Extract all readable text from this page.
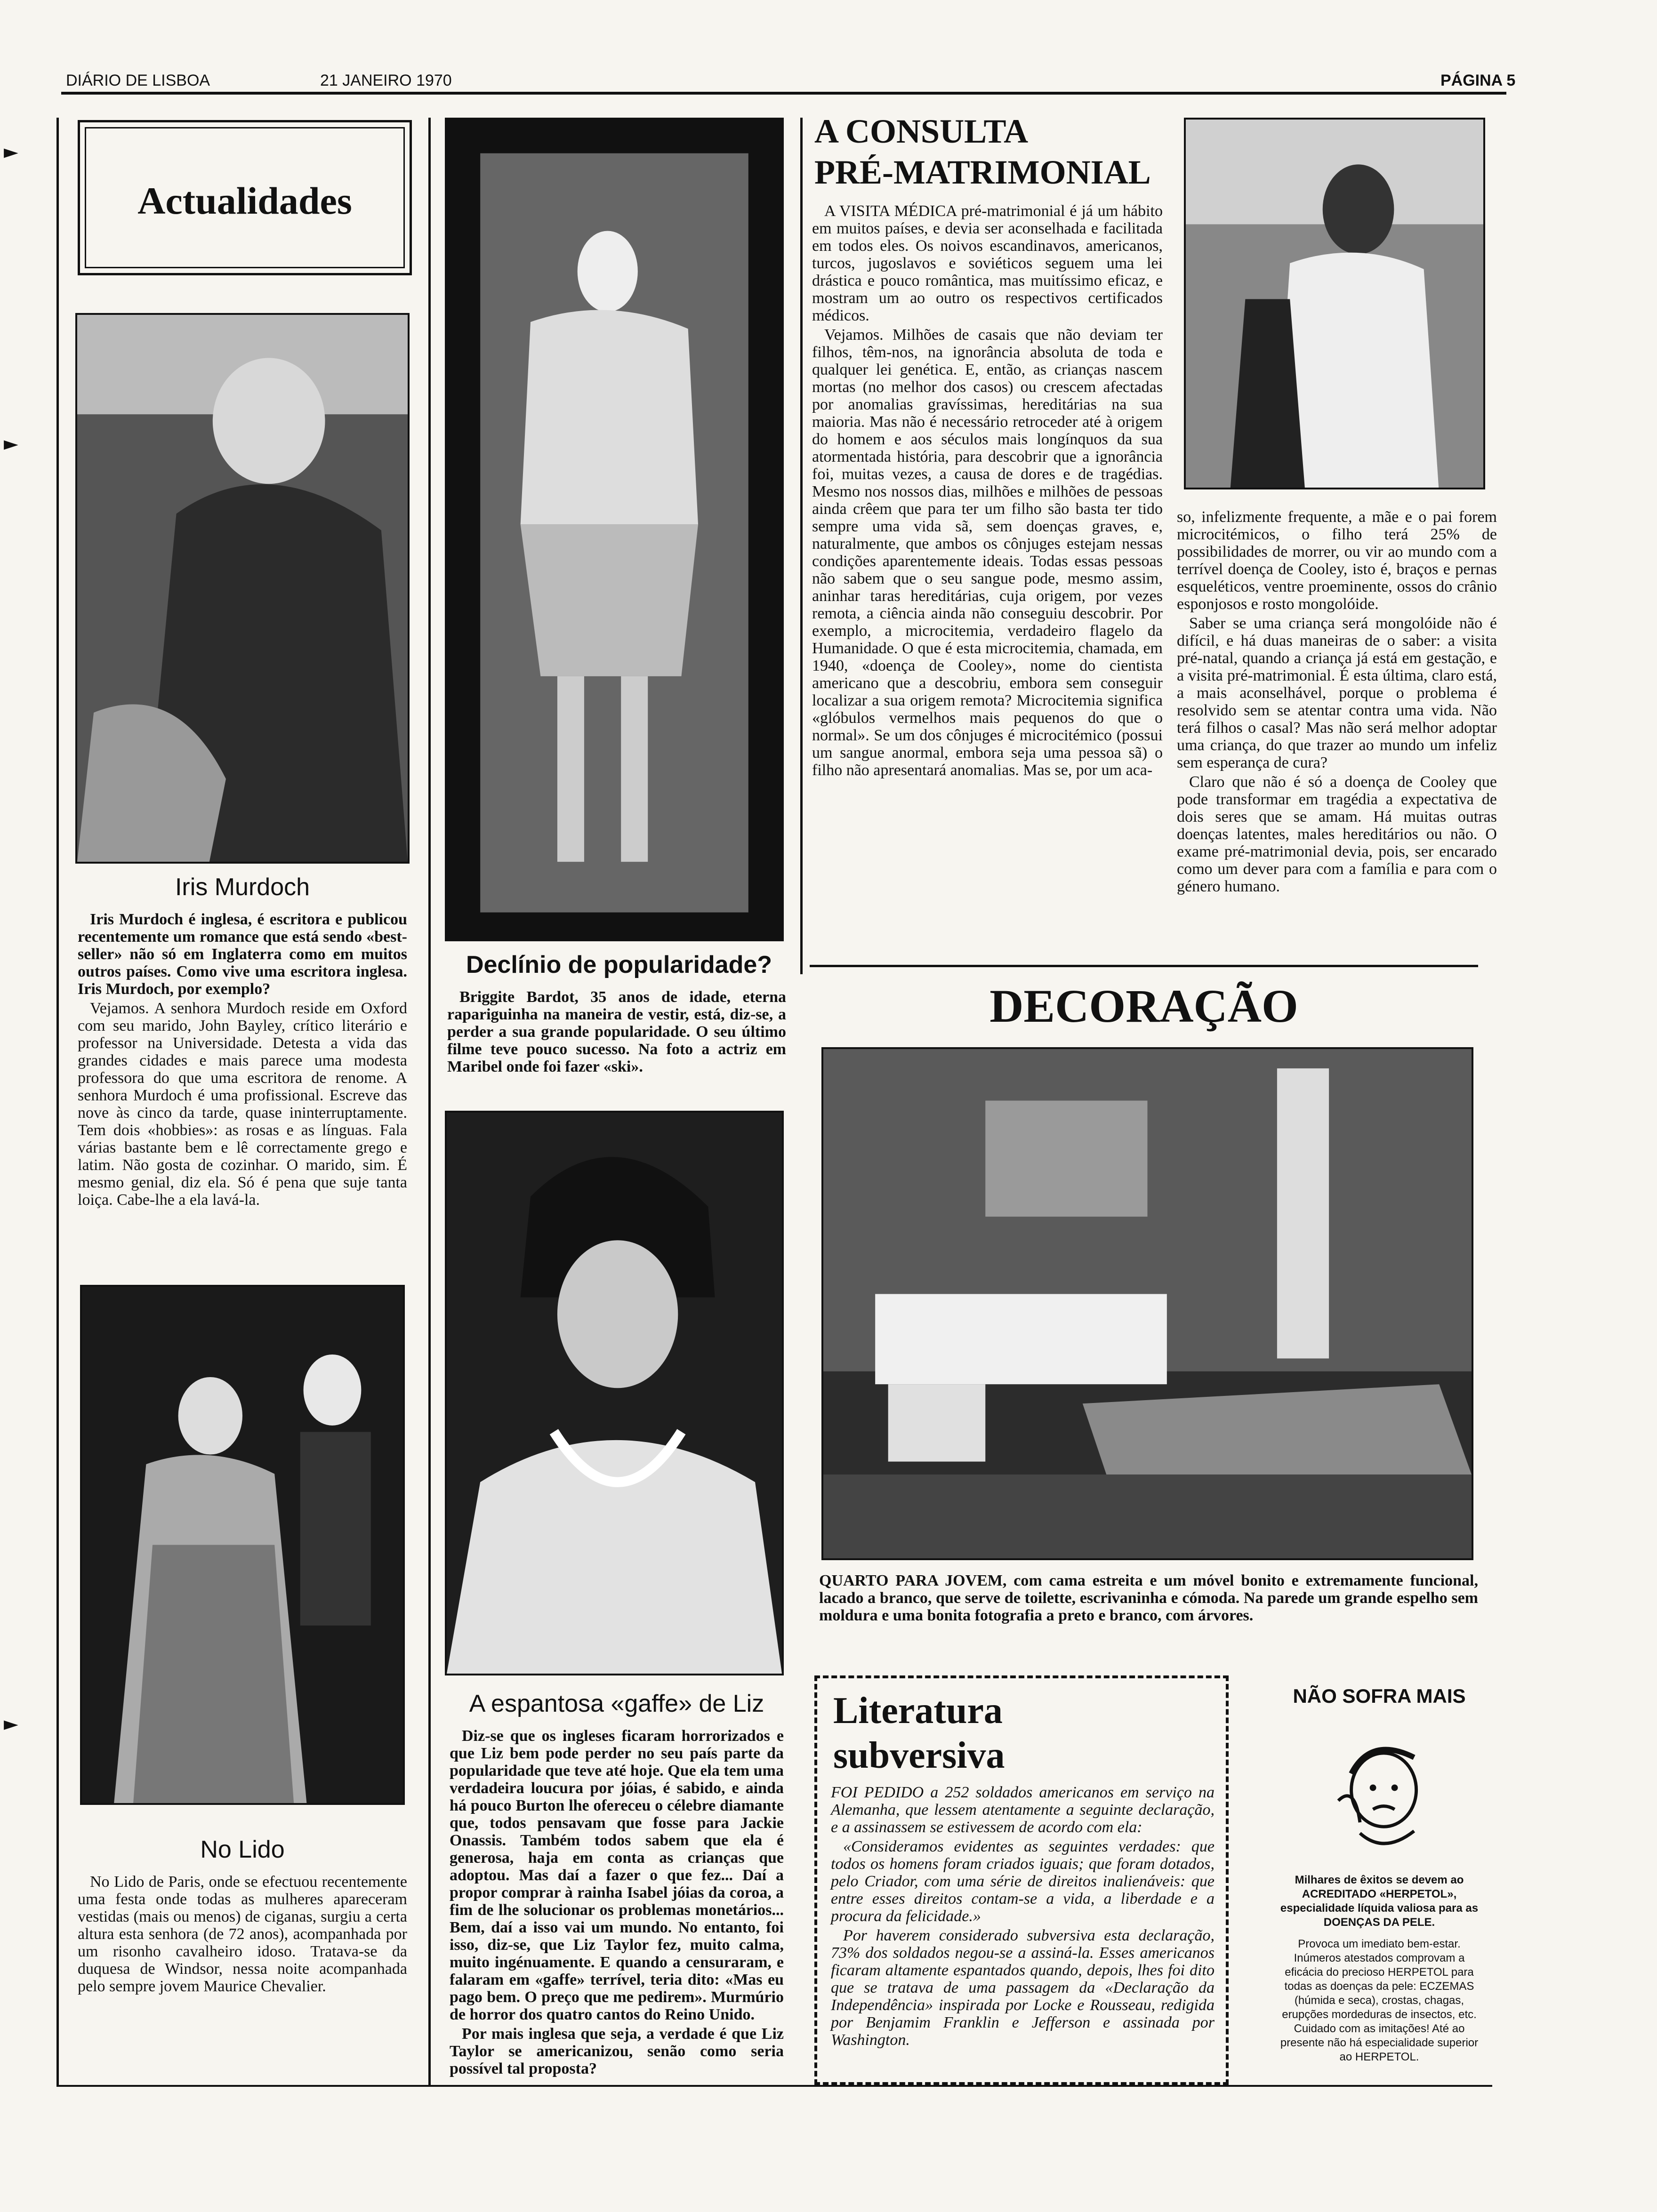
DIÁRIO DE LISBOA	21 JANEIRO 1970	PÁGINA 5
►
►
►
Actualidades
Iris Murdoch

Iris Murdoch é inglesa, é escritora e publicou recentemente um romance que está sendo «best-seller» não só em Inglaterra como em muitos outros países. Como vive uma escritora inglesa. Iris Murdoch, por exemplo?

Vejamos. A senhora Murdoch reside em Oxford com seu marido, John Bayley, crítico literário e professor na Universidade. Detesta a vida das grandes cidades e mais parece uma modesta professora do que uma escritora de renome. A senhora Murdoch é uma profissional. Escreve das nove às cinco da tarde, quase ininterruptamente. Tem dois «hobbies»: as rosas e as línguas. Fala várias bastante bem e lê correctamente grego e latim. Não gosta de cozinhar. O marido, sim. É mesmo genial, diz ela. Só é pena que suje tanta loiça. Cabe-lhe a ela lavá-la.

No Lido

No Lido de Paris, onde se efectuou recentemente uma festa onde todas as mulheres apareceram vestidas (mais ou menos) de ciganas, surgiu a certa altura esta senhora (de 72 anos), acompanhada por um risonho cavalheiro idoso. Tratava-se da duquesa de Windsor, nessa noite acompanhada pelo sempre jovem Maurice Chevalier.

Declínio de popularidade?

Briggite Bardot, 35 anos de idade, eterna rapariguinha na maneira de vestir, está, diz-se, a perder a sua grande popularidade. O seu último filme teve pouco sucesso. Na foto a actriz em Maribel onde foi fazer «ski».

A espantosa «gaffe» de Liz

Diz-se que os ingleses ficaram horrorizados e que Liz bem pode perder no seu país parte da popularidade que teve até hoje. Que ela tem uma verdadeira loucura por jóias, é sabido, e ainda há pouco Burton lhe ofereceu o célebre diamante que, todos pensavam que fosse para Jackie Onassis. Também todos sabem que ela é generosa, haja em conta as crianças que adoptou. Mas daí a fazer o que fez... Daí a propor comprar à rainha Isabel jóias da coroa, a fim de lhe solucionar os problemas monetários... Bem, daí a isso vai um mundo. No entanto, foi isso, diz-se, que Liz Taylor fez, muito calma, muito ingénuamente. E quando a censuraram, e falaram em «gaffe» terrível, teria dito: «Mas eu pago bem. O preço que me pedirem». Murmúrio de horror dos quatro cantos do Reino Unido.

Por mais inglesa que seja, a verdade é que Liz Taylor se americanizou, senão como seria possível tal proposta?

A CONSULTA
PRÉ-MATRIMONIAL

A VISITA MÉDICA pré-matrimonial é já um hábito em muitos países, e devia ser aconselhada e facilitada em todos eles. Os noivos escandinavos, americanos, turcos, jugoslavos e soviéticos seguem uma lei drástica e pouco romântica, mas muitíssimo eficaz, e mostram um ao outro os respectivos certificados médicos.

Vejamos. Milhões de casais que não deviam ter filhos, têm-nos, na ignorância absoluta de toda e qualquer lei genética. E, então, as crianças nascem mortas (no melhor dos casos) ou crescem afectadas por anomalias gravíssimas, hereditárias na sua maioria. Mas não é necessário retroceder até à origem do homem e aos séculos mais longínquos da sua atormentada história, para descobrir que a ignorância foi, muitas vezes, a causa de dores e de tragédias. Mesmo nos nossos dias, milhões e milhões de pessoas ainda crêem que para ter um filho são basta ter tido sempre uma vida sã, sem doenças graves, e, naturalmente, que ambos os cônjuges estejam nessas condições aparentemente ideais. Todas essas pessoas não sabem que o seu sangue pode, mesmo assim, aninhar taras hereditárias, cuja origem, por vezes remota, a ciência ainda não conseguiu descobrir. Por exemplo, a microcitemia, verdadeiro flagelo da Humanidade. O que é esta microcitemia, chamada, em 1940, «doença de Cooley», nome do cientista americano que a descobriu, embora sem conseguir localizar a sua origem remota? Microcitemia significa «glóbulos vermelhos mais pequenos do que o normal». Se um dos cônjuges é microcitémico (possui um sangue anormal, embora seja uma pessoa sã) o filho não apresentará anomalias. Mas se, por um aca-

so, infelizmente frequente, a mãe e o pai forem microcitémicos, o filho terá 25% de possibilidades de morrer, ou vir ao mundo com a terrível doença de Cooley, isto é, braços e pernas esqueléticos, ventre proeminente, ossos do crânio esponjosos e rosto mongolóide.

Saber se uma criança será mongolóide não é difícil, e há duas maneiras de o saber: a visita pré-natal, quando a criança já está em gestação, e a visita pré-matrimonial. É esta última, claro está, a mais aconselhável, porque o problema é resolvido sem se atentar contra uma vida. Não terá filhos o casal? Mas não será melhor adoptar uma criança, do que trazer ao mundo um infeliz sem esperança de cura?

Claro que não é só a doença de Cooley que pode transformar em tragédia a expectativa de dois seres que se amam. Há muitas outras doenças latentes, males hereditários ou não. O exame pré-matrimonial devia, pois, ser encarado como um dever para com a família e para com o género humano.

DECORAÇÃO

QUARTO PARA JOVEM, com cama estreita e um móvel bonito e extremamente funcional, lacado a branco, que serve de toilette, escrivaninha e cómoda. Na parede um grande espelho sem moldura e uma bonita fotografia a preto e branco, com árvores.

Literatura
subversiva

FOI PEDIDO a 252 soldados americanos em serviço na Alemanha, que lessem atentamente a seguinte declaração, e a assinassem se estivessem de acordo com ela:

«Consideramos evidentes as seguintes verdades: que todos os homens foram criados iguais; que foram dotados, pelo Criador, com uma série de direitos inalienáveis: que entre esses direitos contam-se a vida, a liberdade e a procura da felicidade.»

Por haverem considerado subversiva esta declaração, 73% dos soldados negou-se a assiná-la. Esses americanos ficaram altamente espantados quando, depois, lhes foi dito que se tratava de uma passagem da «Declaração da Independência» inspirada por Locke e Rousseau, redigida por Benjamim Franklin e Jefferson e assinada por Washington.

NÃO SOFRA MAIS

Milhares de êxitos se devem ao ACREDITADO «HERPETOL», especialidade líquida valiosa para as DOENÇAS DA PELE.

Provoca um imediato bem-estar. Inúmeros atestados comprovam a eficácia do precioso HERPETOL para todas as doenças da pele: ECZEMAS (húmida e seca), crostas, chagas, erupções mordeduras de insectos, etc. Cuidado com as imitações! Até ao presente não há especialidade superior ao HERPETOL.
